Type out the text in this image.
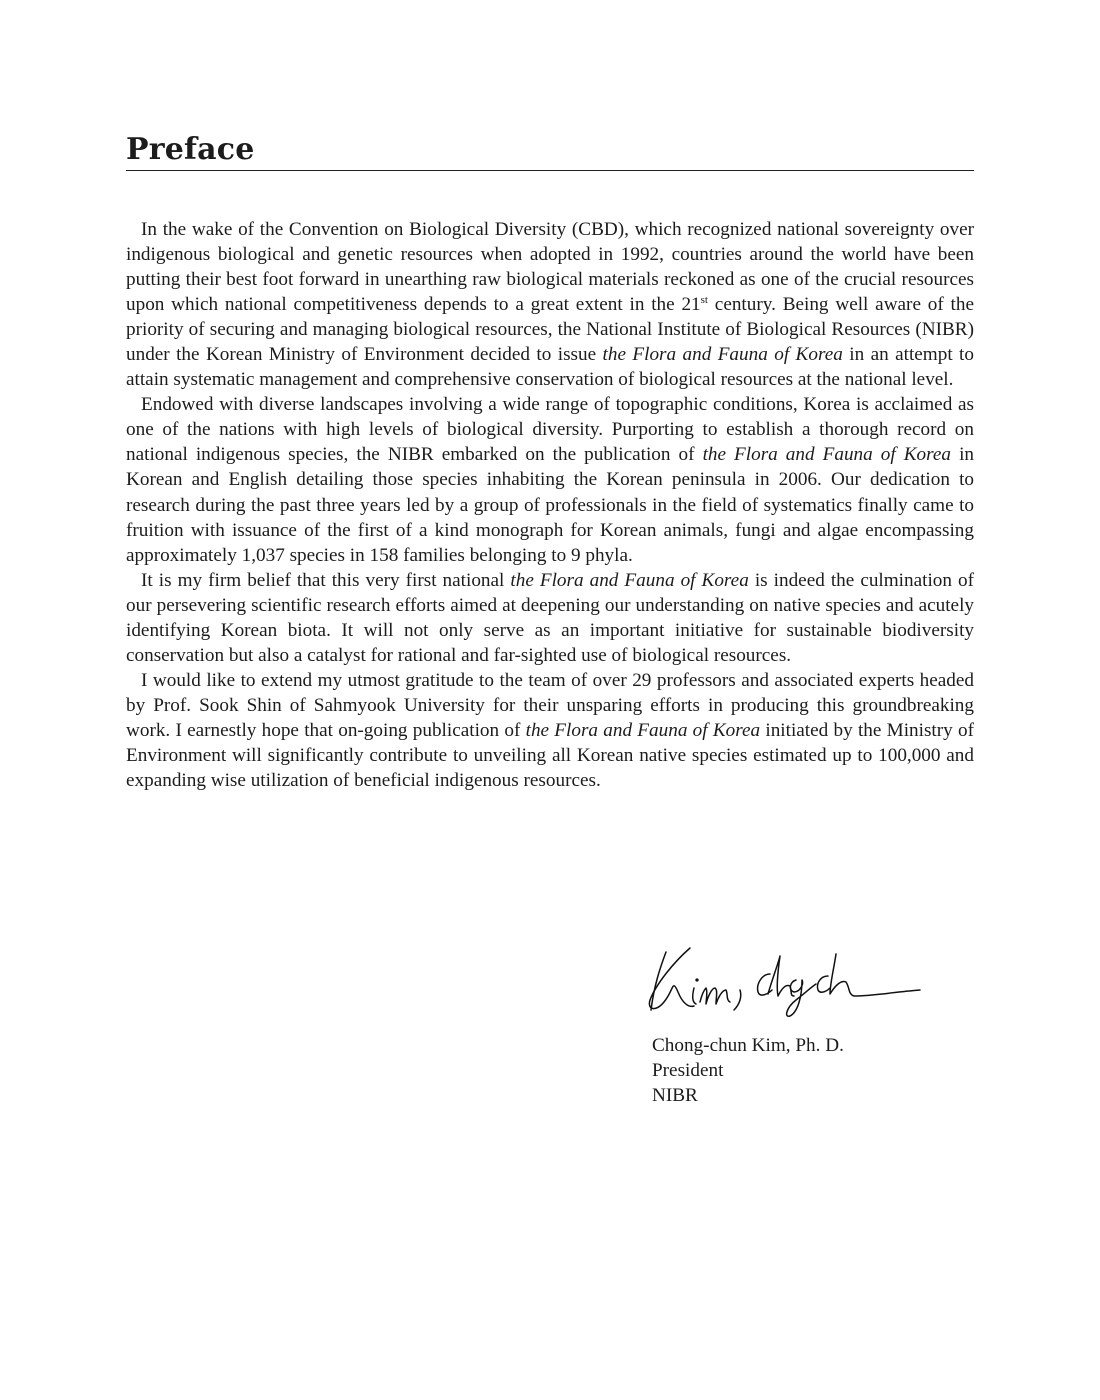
Preface

In the wake of the Convention on Biological Diversity (CBD), which recognized national sovereignty over indigenous biological and genetic resources when adopted in 1992, countries around the world have been putting their best foot forward in unearthing raw biological materials reckoned as one of the crucial resources upon which national competitiveness depends to a great extent in the 21st century. Being well aware of the priority of securing and managing biological resources, the National Institute of Biological Resources (NIBR) under the Korean Ministry of Environment decided to issue the Flora and Fauna of Korea in an attempt to attain systematic management and comprehensive conservation of biological resources at the national level.

Endowed with diverse landscapes involving a wide range of topographic conditions, Korea is acclaimed as one of the nations with high levels of biological diversity. Purporting to establish a thorough record on national indigenous species, the NIBR embarked on the publication of the Flora and Fauna of Korea in Korean and English detailing those species inhabiting the Korean peninsula in 2006. Our dedication to research during the past three years led by a group of professionals in the field of systematics finally came to fruition with issuance of the first of a kind monograph for Korean animals, fungi and algae encompassing approximately 1,037 species in 158 families belonging to 9 phyla.

It is my firm belief that this very first national the Flora and Fauna of Korea is indeed the culmination of our persevering scientific research efforts aimed at deepening our understanding on native species and acutely identifying Korean biota. It will not only serve as an important initiative for sustainable biodiversity conservation but also a catalyst for rational and far-sighted use of biological resources.

I would like to extend my utmost gratitude to the team of over 29 professors and associated experts headed by Prof. Sook Shin of Sahmyook University for their unsparing efforts in producing this groundbreaking work. I earnestly hope that on-going publication of the Flora and Fauna of Korea initiated by the Ministry of Environment will significantly contribute to unveiling all Korean native species estimated up to 100,000 and expanding wise utilization of beneficial indigenous resources.

Chong-chun Kim, Ph. D.
President
NIBR
